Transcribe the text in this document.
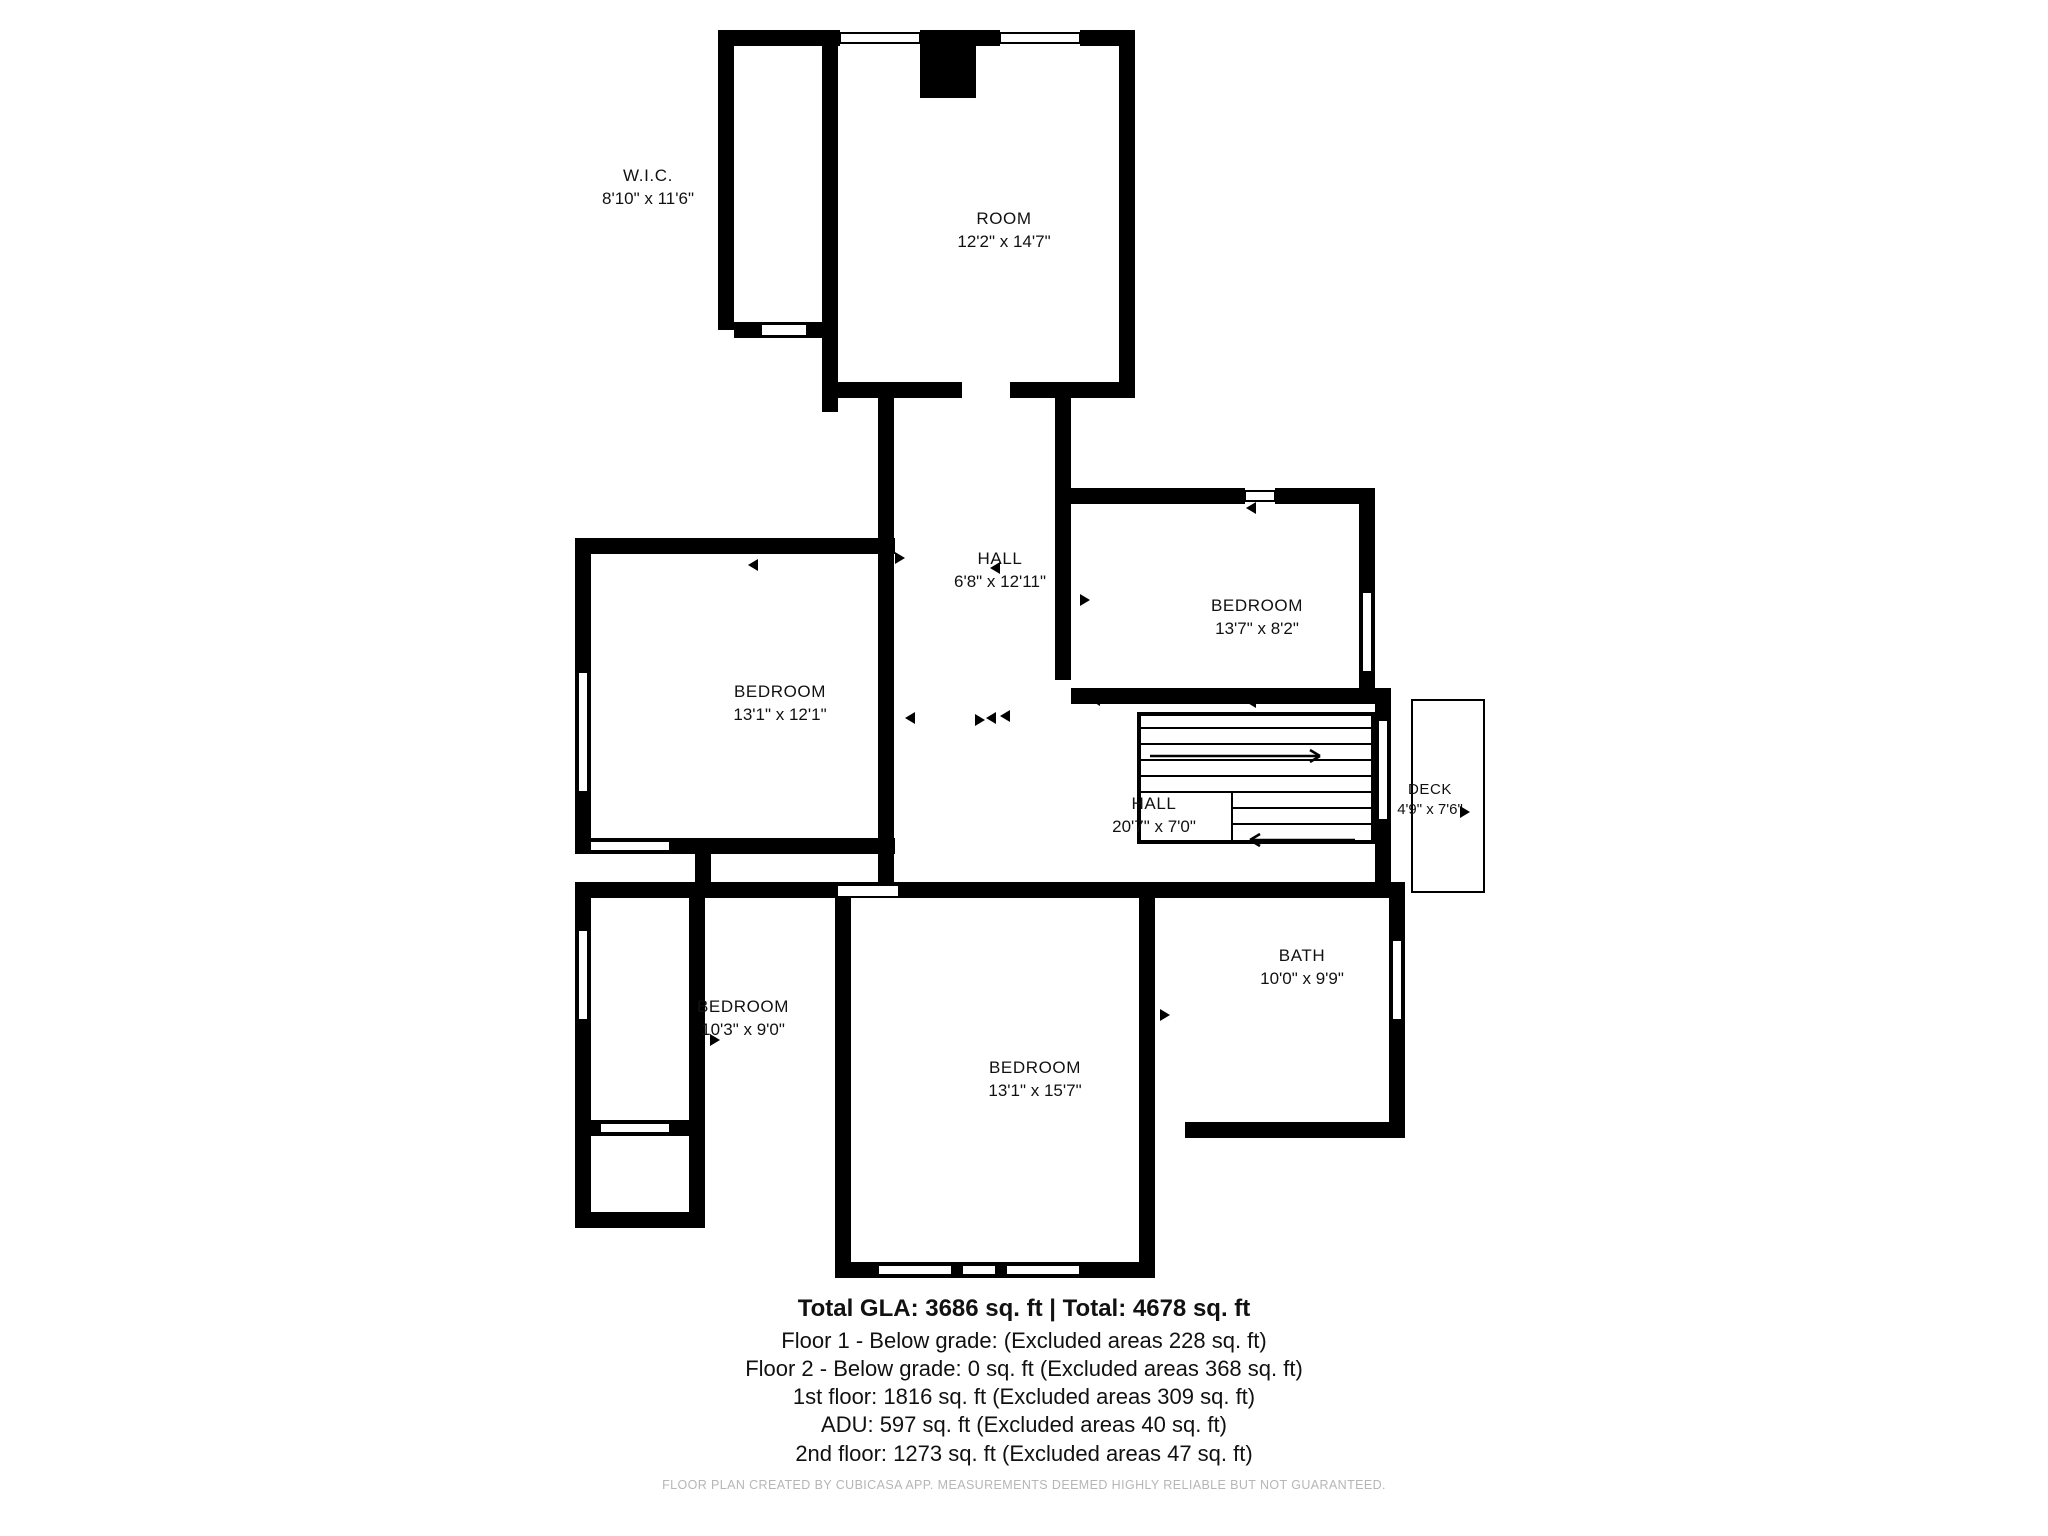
W.I.C.
8'10" x 11'6"
ROOM
12'2" x 14'7"
HALL
6'8" x 12'11"
BEDROOM
13'7" x 8'2"
BEDROOM
13'1" x 12'1"
HALL
20'7" x 7'0"
DECK
4'9" x 7'6"
BATH
10'0" x 9'9"
BEDROOM
10'3" x 9'0"
BEDROOM
13'1" x 15'7"
Total GLA: 3686 sq. ft | Total: 4678 sq. ft
Floor 1 - Below grade: (Excluded areas 228 sq. ft)
Floor 2 - Below grade: 0 sq. ft (Excluded areas 368 sq. ft)
1st floor: 1816 sq. ft (Excluded areas 309 sq. ft)
ADU: 597 sq. ft (Excluded areas 40 sq. ft)
2nd floor: 1273 sq. ft (Excluded areas 47 sq. ft)
FLOOR PLAN CREATED BY CUBICASA APP. MEASUREMENTS DEEMED HIGHLY RELIABLE BUT NOT GUARANTEED.
